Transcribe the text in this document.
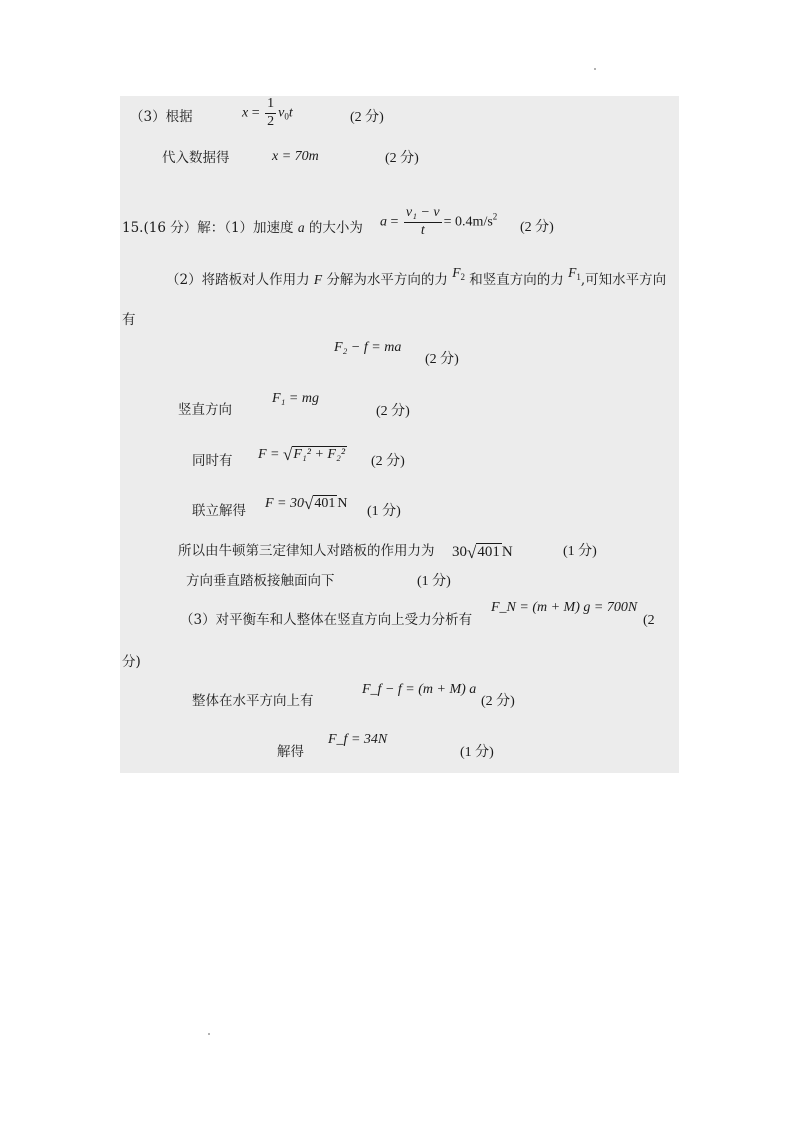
（3）根据	$x = \frac{1}{2} v_0t$	(2 分)
代入数据得	x = 70m	(2 分)
15.(16 分）解：（1）加速度 a 的大小为 $a = \frac{\text{v₁ − v}}{t} = 0.4m/s^2$
(2 分)
（2）将踏板对人作用力 F 分解为水平方向的力 $F_2$ 和竖直方向的力 $F_1$,可知水平方向
有
F₂ − f = ma
(2 分)
竖直方向
F₁ = mg
(2 分)
同时有 F = √F₁² + F₂² (2 分)
联立解得 F = 30√401 N
(1 分)
所以由牛顿第三定律知人对踏板的作用力为 30√401 N	(1 分)
方向垂直踏板接触面向下	(1 分)
（3）对平衡车和人整体在竖直方向上受力分析有
F_N = (m + M) g = 700N
(2
分)
整体在水平方向上有
F_f − f = (m + M) a
(2 分)
解得
F_f = 34N
(1 分)
